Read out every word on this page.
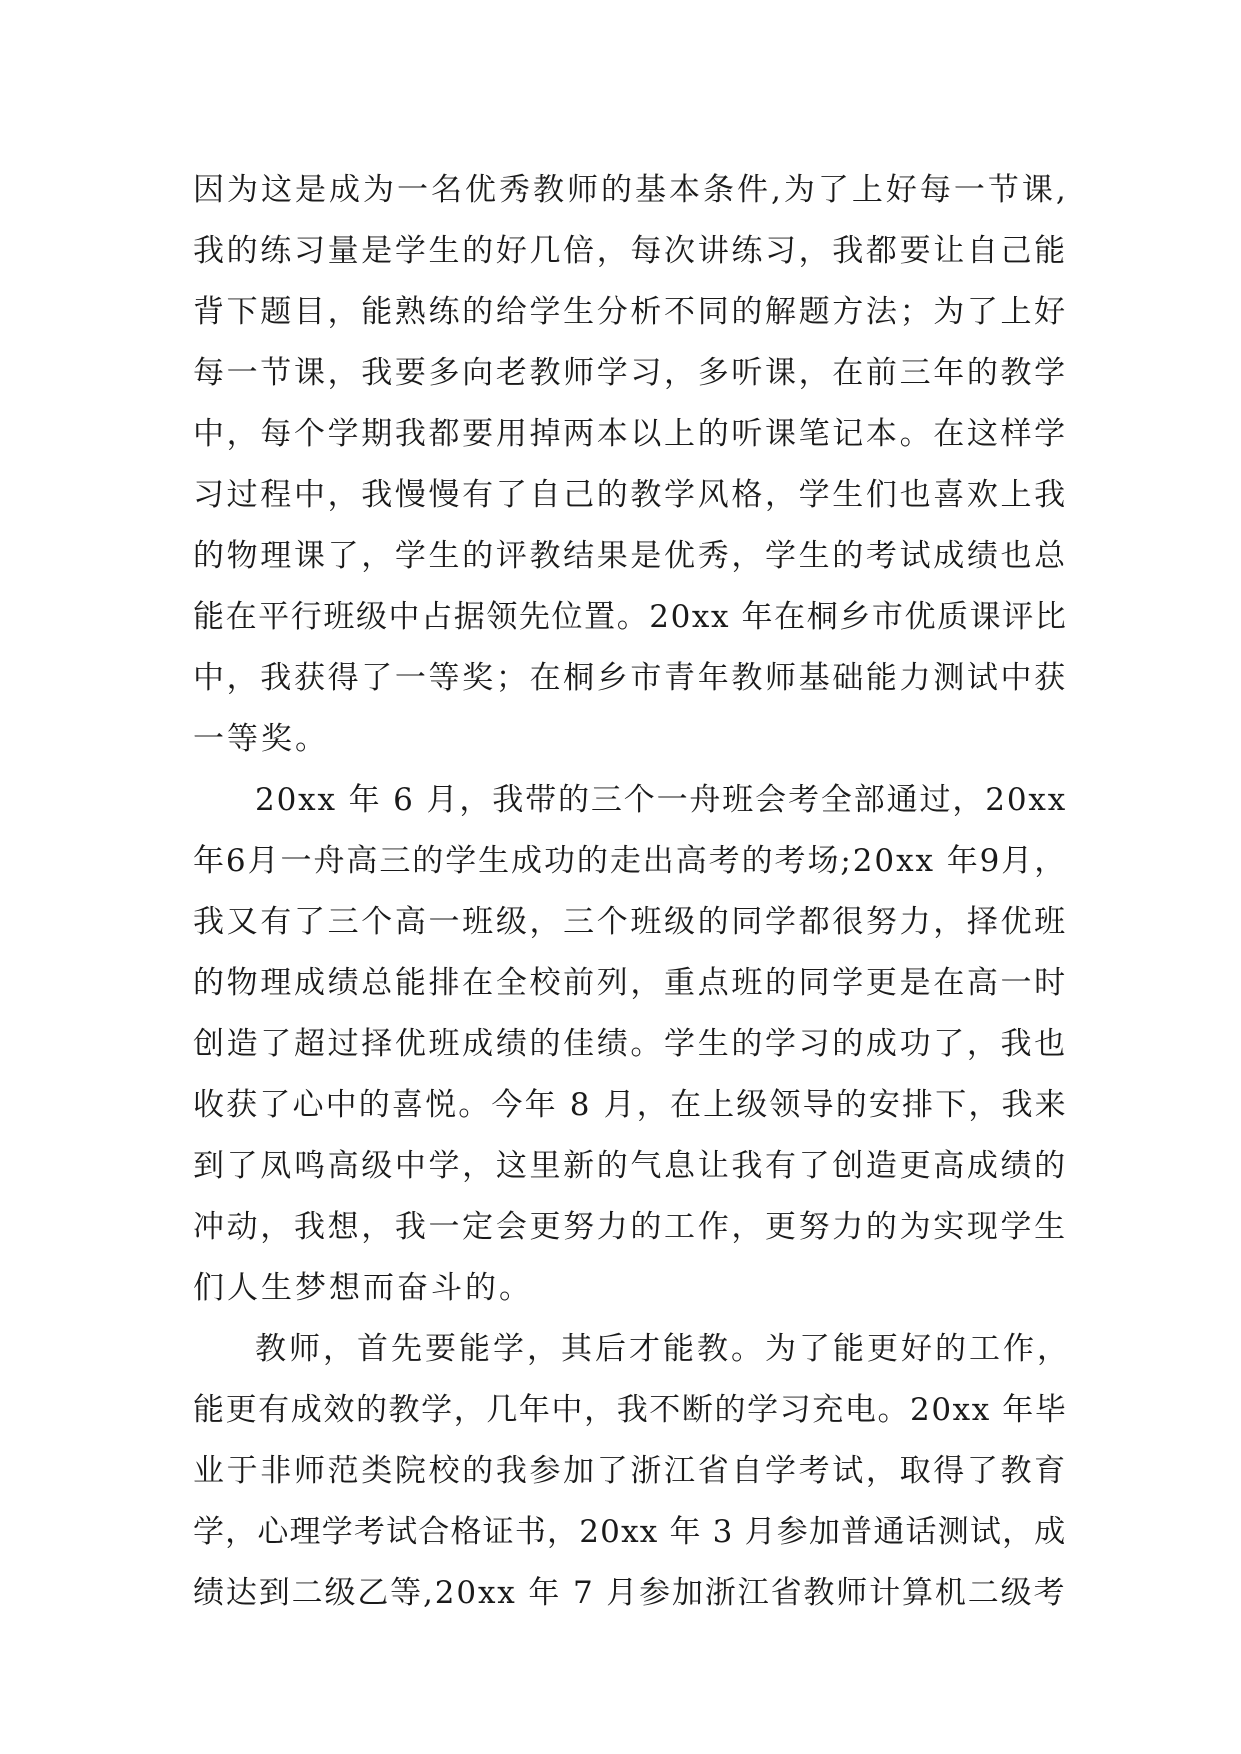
因为这是成为一名优秀教师的基本条件,为了上好每一节课,
我的练习量是学生的好几倍，每次讲练习，我都要让自己能
背下题目，能熟练的给学生分析不同的解题方法；为了上好
每一节课，我要多向老教师学习，多听课，在前三年的教学
中，每个学期我都要用掉两本以上的听课笔记本。在这样学
习过程中，我慢慢有了自己的教学风格，学生们也喜欢上我
的物理课了，学生的评教结果是优秀，学生的考试成绩也总
能在平行班级中占据领先位置。20xx 年在桐乡市优质课评比
中，我获得了一等奖；在桐乡市青年教师基础能力测试中获
一等奖。
20xx 年 6 月，我带的三个一舟班会考全部通过，20xx
年6月一舟高三的学生成功的走出高考的考场;20xx 年9月，
我又有了三个高一班级，三个班级的同学都很努力，择优班
的物理成绩总能排在全校前列，重点班的同学更是在高一时
创造了超过择优班成绩的佳绩。学生的学习的成功了，我也
收获了心中的喜悦。今年 8 月，在上级领导的安排下，我来
到了凤鸣高级中学，这里新的气息让我有了创造更高成绩的
冲动，我想，我一定会更努力的工作，更努力的为实现学生
们人生梦想而奋斗的。
教师，首先要能学，其后才能教。为了能更好的工作，
能更有成效的教学，几年中，我不断的学习充电。20xx 年毕
业于非师范类院校的我参加了浙江省自学考试，取得了教育
学，心理学考试合格证书，20xx 年 3 月参加普通话测试，成
绩达到二级乙等,20xx 年 7 月参加浙江省教师计算机二级考
